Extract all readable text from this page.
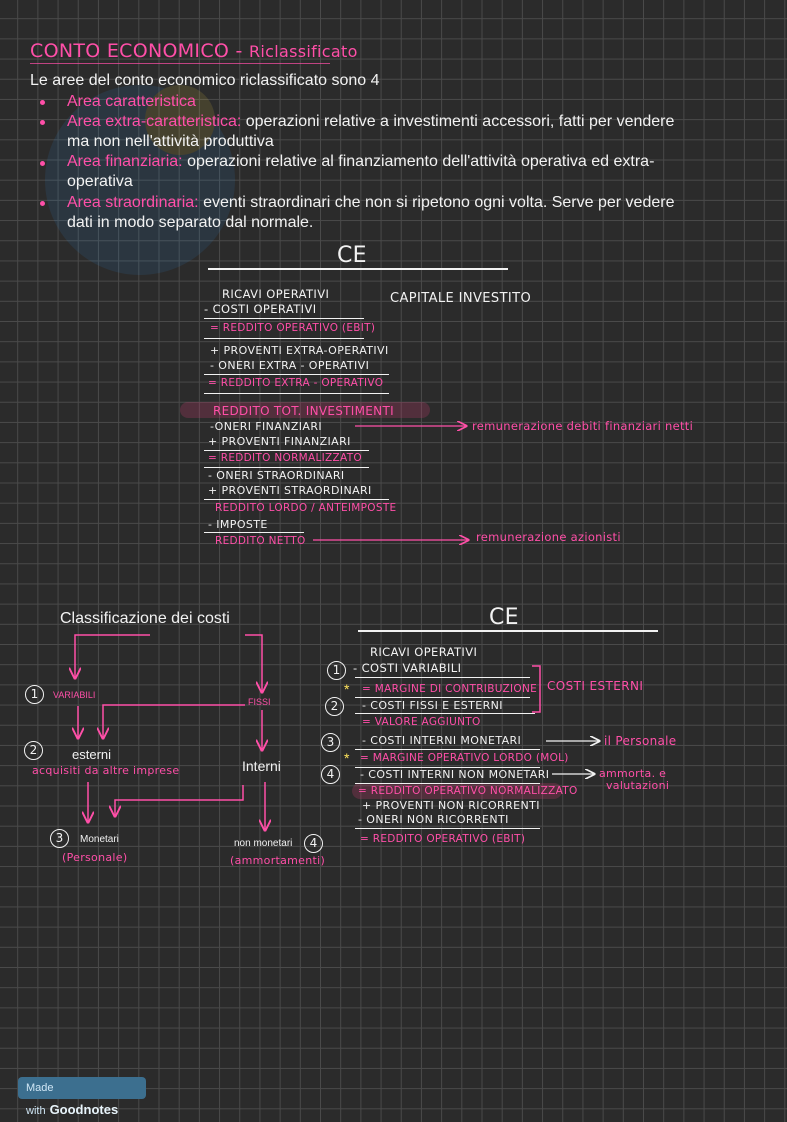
CONTO ECONOMICO - Riclassificato
Le aree del conto economico riclassificato sono 4
Area caratteristica
Area extra-caratteristica: operazioni relative a investimenti accessori, fatti per vendere
ma non nell'attività produttiva
Area finanziaria: operazioni relative al finanziamento dell'attività operativa ed extra-
operativa
Area straordinaria: eventi straordinari che non si ripetono ogni volta. Serve per vedere
dati in modo separato dal normale.
CE
CAPITALE INVESTITO
RICAVI OPERATIVI
- COSTI OPERATIVI
= REDDITO OPERATIVO (EBIT)
+ PROVENTI EXTRA-OPERATIVI
- ONERI EXTRA - OPERATIVI
= REDDITO EXTRA - OPERATIVO
REDDITO TOT. INVESTIMENTI
-ONERI FINANZIARI
+ PROVENTI FINANZIARI
= REDDITO NORMALIZZATO
- ONERI STRAORDINARI
+ PROVENTI STRAORDINARI
REDDITO LORDO / ANTEIMPOSTE
- IMPOSTE
REDDITO NETTO
remunerazione debiti finanziari netti
remunerazione azionisti
Classificazione dei costi
1	VARIABILI
FISSI
2	esterni
acquisiti da altre imprese	Interni
3	Monetari
(Personale)
non monetari	4
(ammortamenti)
CE
RICAVI OPERATIVI
1	- COSTI VARIABILI
* = MARGINE DI CONTRIBUZIONE
2	- COSTI FISSI E ESTERNI
= VALORE AGGIUNTO
3	- COSTI INTERNI MONETARI
* = MARGINE OPERATIVO LORDO (MOL)
4	- COSTI INTERNI NON MONETARI
= REDDITO OPERATIVO NORMALIZZATO
+ PROVENTI NON RICORRENTI
- ONERI NON RICORRENTI
= REDDITO OPERATIVO (EBIT)
COSTI ESTERNI
il Personale
ammorta. e
valutazioni
Made with Goodnotes
